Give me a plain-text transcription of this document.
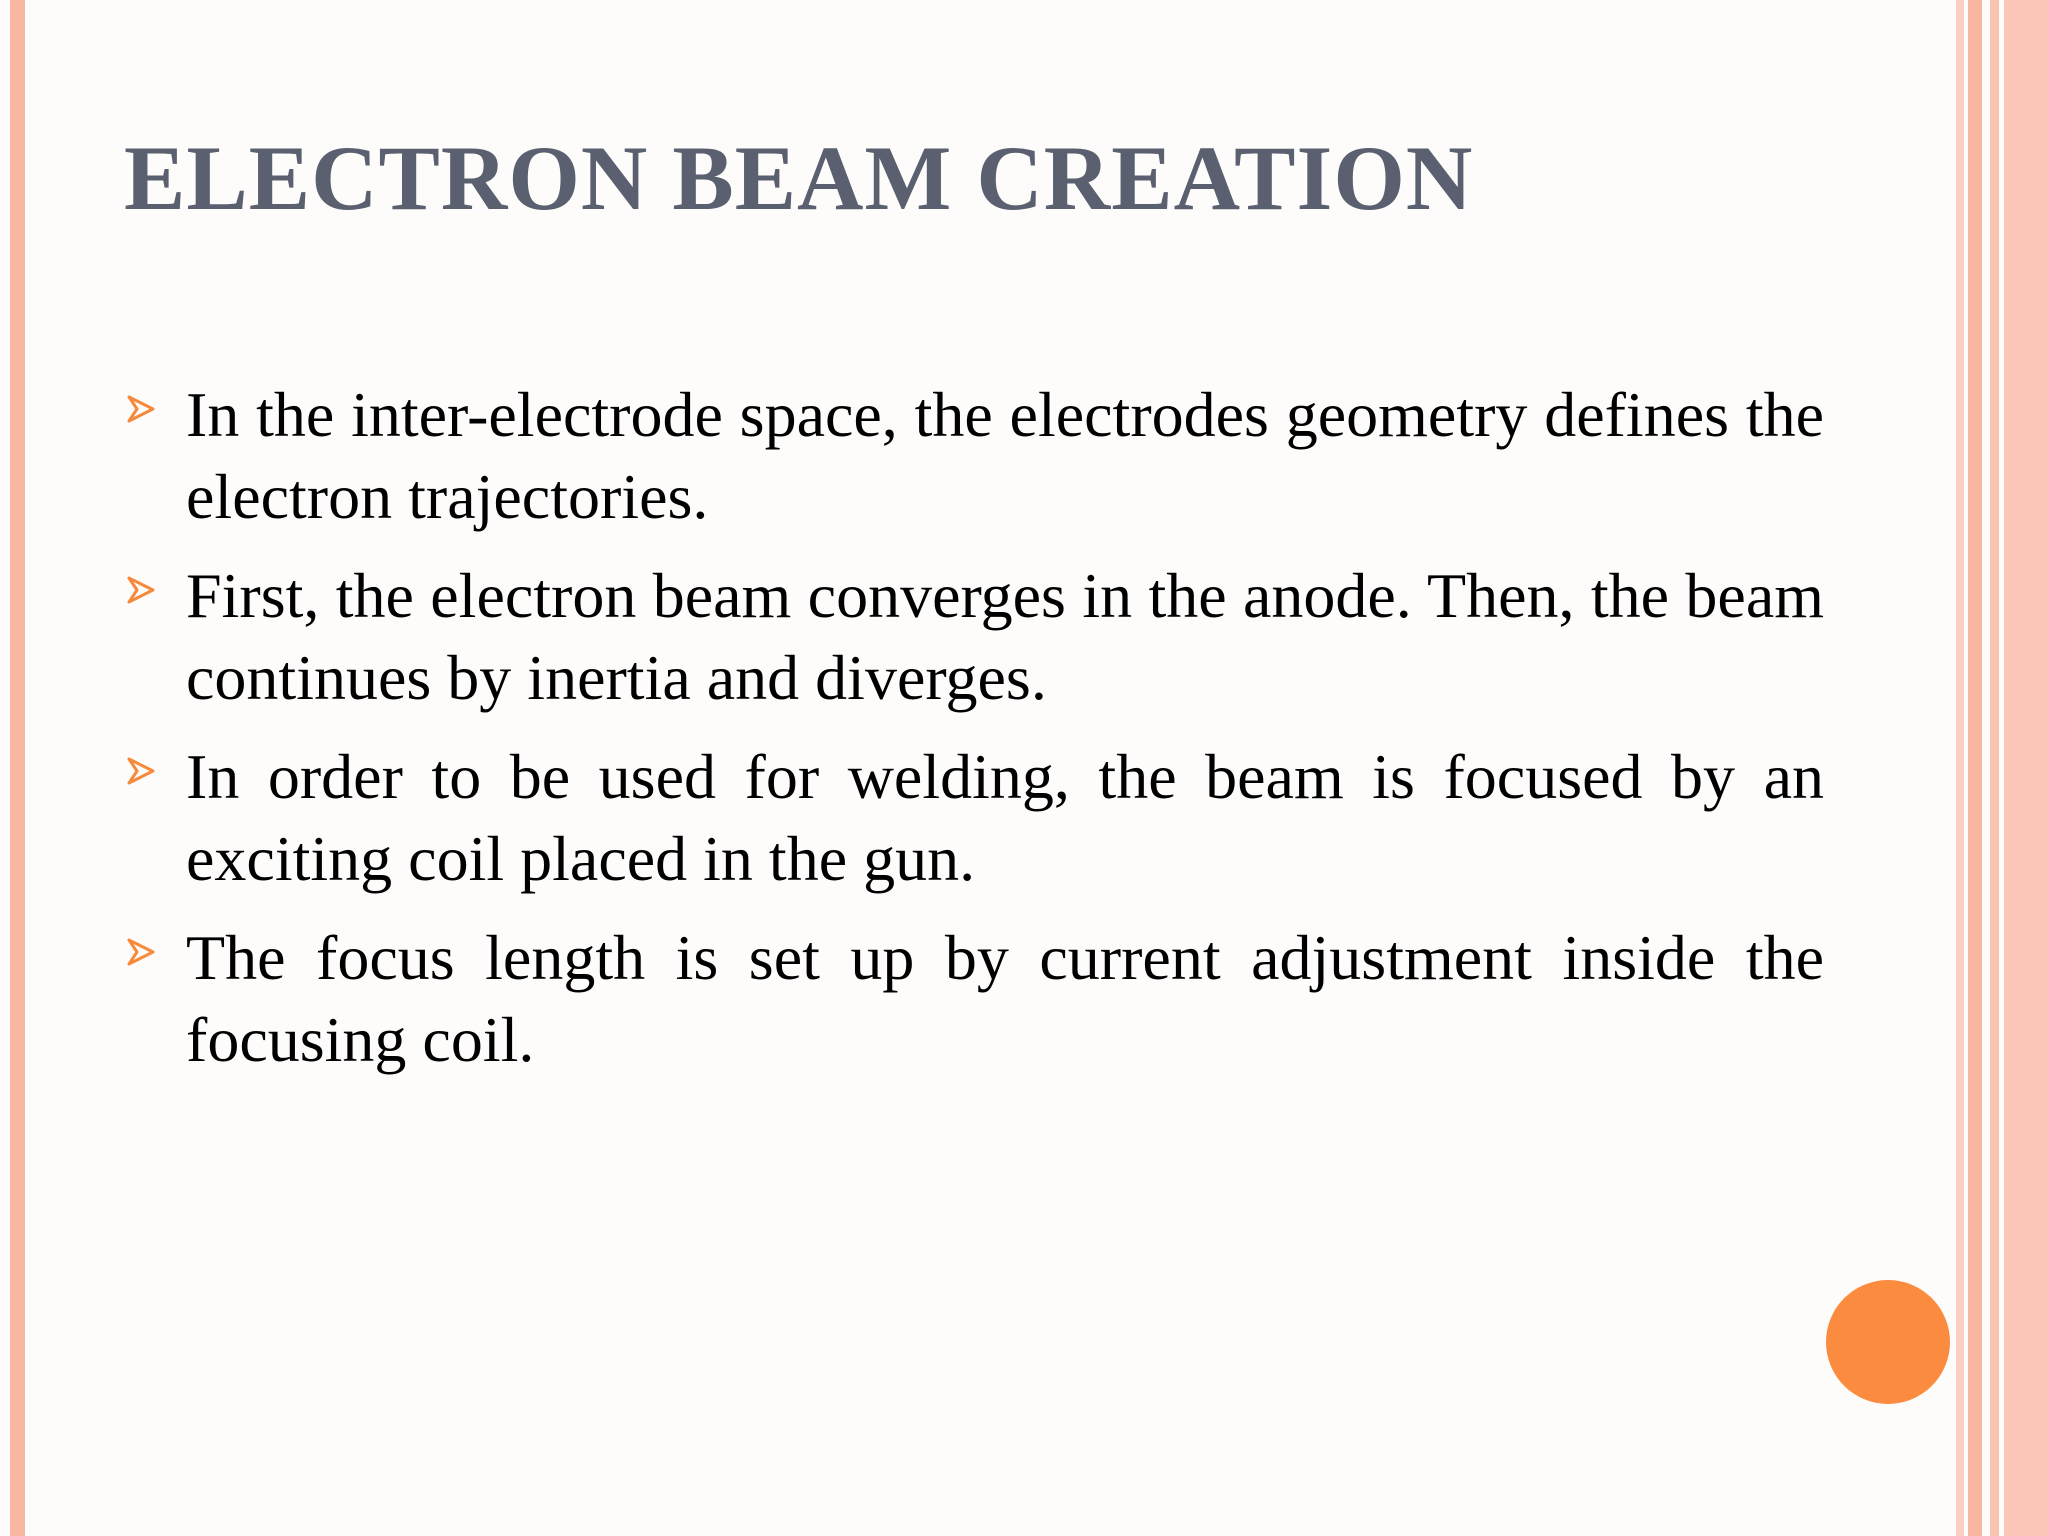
ELECTRON BEAM CREATION
In the inter-electrode space, the electrodes geometry defines the electron trajectories.
First, the electron beam converges in the anode. Then, the beam continues by inertia and diverges.
In order to be used for welding, the beam is focused by an exciting coil placed in the gun.
The focus length is set up by current adjustment inside the focusing coil.
